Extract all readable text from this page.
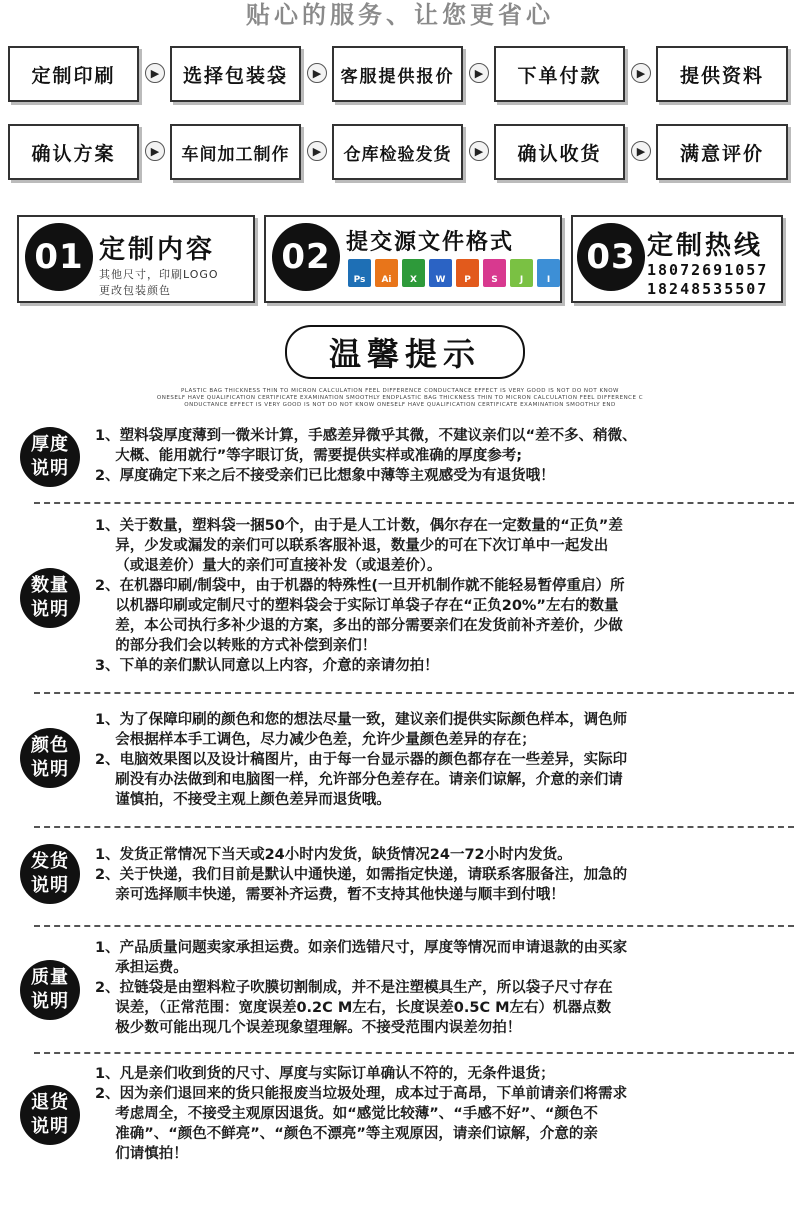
贴心的服务、让您更省心
定制印刷	▶	选择包装袋	▶	客服提供报价	▶	下单付款	▶	提供资料
确认方案	▶	车间加工制作	▶	仓库检验发货	▶	确认收货	▶	满意评价
01 定制内容
其他尺寸，印刷LOGO
更改包装颜色
02 提交源文件格式
Ps	Ai	X	W	P	S	J	I
03 定制热线
18072691057
18248535507
温馨提示
PLASTIC BAG THICKNESS THIN TO MICRON CALCULATION FEEL DIFFERENCE CONDUCTANCE EFFECT IS VERY GOOD IS NOT DO NOT KNOW
ONESELF HAVE QUALIFICATION CERTIFICATE EXAMINATION SMOOTHLY ENDPLASTIC BAG THICKNESS THIN TO MICRON CALCULATION FEEL DIFFERENCE C
ONDUCTANCE EFFECT IS VERY GOOD IS NOT DO NOT KNOW ONESELF HAVE QUALIFICATION CERTIFICATE EXAMINATION SMOOTHLY END
厚度
说明
1、塑料袋厚度薄到一微米计算，手感差异微乎其微，不建议亲们以“差不多、稍微、
大概、能用就行”等字眼订货，需要提供实样或准确的厚度参考;
2、厚度确定下来之后不接受亲们已比想象中薄等主观感受为有退货哦！
数量
说明
1、关于数量，塑料袋一捆50个，由于是人工计数，偶尔存在一定数量的“正负”差
异，少发或漏发的亲们可以联系客服补退，数量少的可在下次订单中一起发出
（或退差价）量大的亲们可直接补发（或退差价）。
2、在机器印刷/制袋中，由于机器的特殊性(一旦开机制作就不能轻易暂停重启）所
以机器印刷或定制尺寸的塑料袋会于实际订单袋子存在“正负20%”左右的数量
差，本公司执行多补少退的方案，多出的部分需要亲们在发货前补齐差价，少做
的部分我们会以转账的方式补偿到亲们！
3、下单的亲们默认同意以上内容，介意的亲请勿拍！
颜色
说明
1、为了保障印刷的颜色和您的想法尽量一致，建议亲们提供实际颜色样本，调色师
会根据样本手工调色，尽力减少色差，允许少量颜色差异的存在；
2、电脑效果图以及设计稿图片，由于每一台显示器的颜色都存在一些差异，实际印
刷没有办法做到和电脑图一样，允许部分色差存在。请亲们谅解，介意的亲们请
谨慎拍，不接受主观上颜色差异而退货哦。
发货
说明
1、发货正常情况下当天或24小时内发货，缺货情况24一72小时内发货。
2、关于快递，我们目前是默认中通快递，如需指定快递，请联系客服备注，加急的
亲可选择顺丰快递，需要补齐运费，暂不支持其他快递与顺丰到付哦！
质量
说明
1、产品质量问题卖家承担运费。如亲们选错尺寸，厚度等情况而申请退款的由买家
承担运费。
2、拉链袋是由塑料粒子吹膜切割制成，并不是注塑模具生产，所以袋子尺寸存在
误差，（正常范围：宽度误差0.2C M左右，长度误差0.5C M左右）机器点数
极少数可能出现几个误差现象望理解。不接受范围内误差勿拍！
退货
说明
1、凡是亲们收到货的尺寸、厚度与实际订单确认不符的，无条件退货；
2、因为亲们退回来的货只能报废当垃圾处理，成本过于高昂，下单前请亲们将需求
考虑周全，不接受主观原因退货。如“感觉比较薄”、“手感不好”、“颜色不
准确”、“颜色不鲜亮”、“颜色不漂亮”等主观原因，请亲们谅解，介意的亲
们请慎拍！
